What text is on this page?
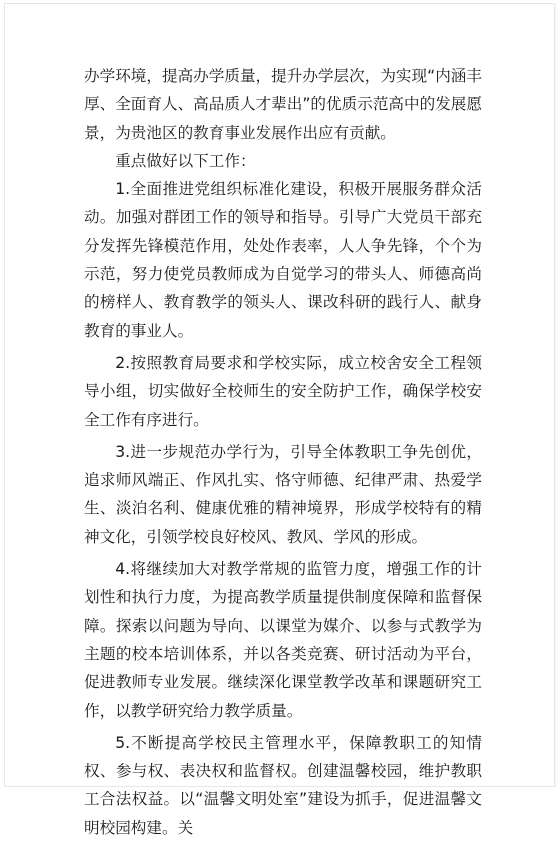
办学环境，提高办学质量，提升办学层次，为实现“内涵丰厚、全面育人、高品质人才辈出”的优质示范高中的发展愿景，为贵池区的教育事业发展作出应有贡献。

重点做好以下工作：

1.全面推进党组织标准化建设，积极开展服务群众活动。加强对群团工作的领导和指导。引导广大党员干部充分发挥先锋模范作用，处处作表率，人人争先锋，个个为示范，努力使党员教师成为自觉学习的带头人、师德高尚的榜样人、教育教学的领头人、课改科研的践行人、献身教育的事业人。

2.按照教育局要求和学校实际，成立校舍安全工程领导小组，切实做好全校师生的安全防护工作，确保学校安全工作有序进行。

3.进一步规范办学行为，引导全体教职工争先创优，追求师风端正、作风扎实、恪守师德、纪律严肃、热爱学生、淡泊名利、健康优雅的精神境界，形成学校特有的精神文化，引领学校良好校风、教风、学风的形成。

4.将继续加大对教学常规的监管力度，增强工作的计划性和执行力度，为提高教学质量提供制度保障和监督保障。探索以问题为导向、以课堂为媒介、以参与式教学为主题的校本培训体系，并以各类竞赛、研讨活动为平台，促进教师专业发展。继续深化课堂教学改革和课题研究工作，以教学研究给力教学质量。

5.不断提高学校民主管理水平，保障教职工的知情权、参与权、表决权和监督权。创建温馨校园，维护教职工合法权益。以“温馨文明处室”建设为抓手，促进温馨文明校园构建。关
